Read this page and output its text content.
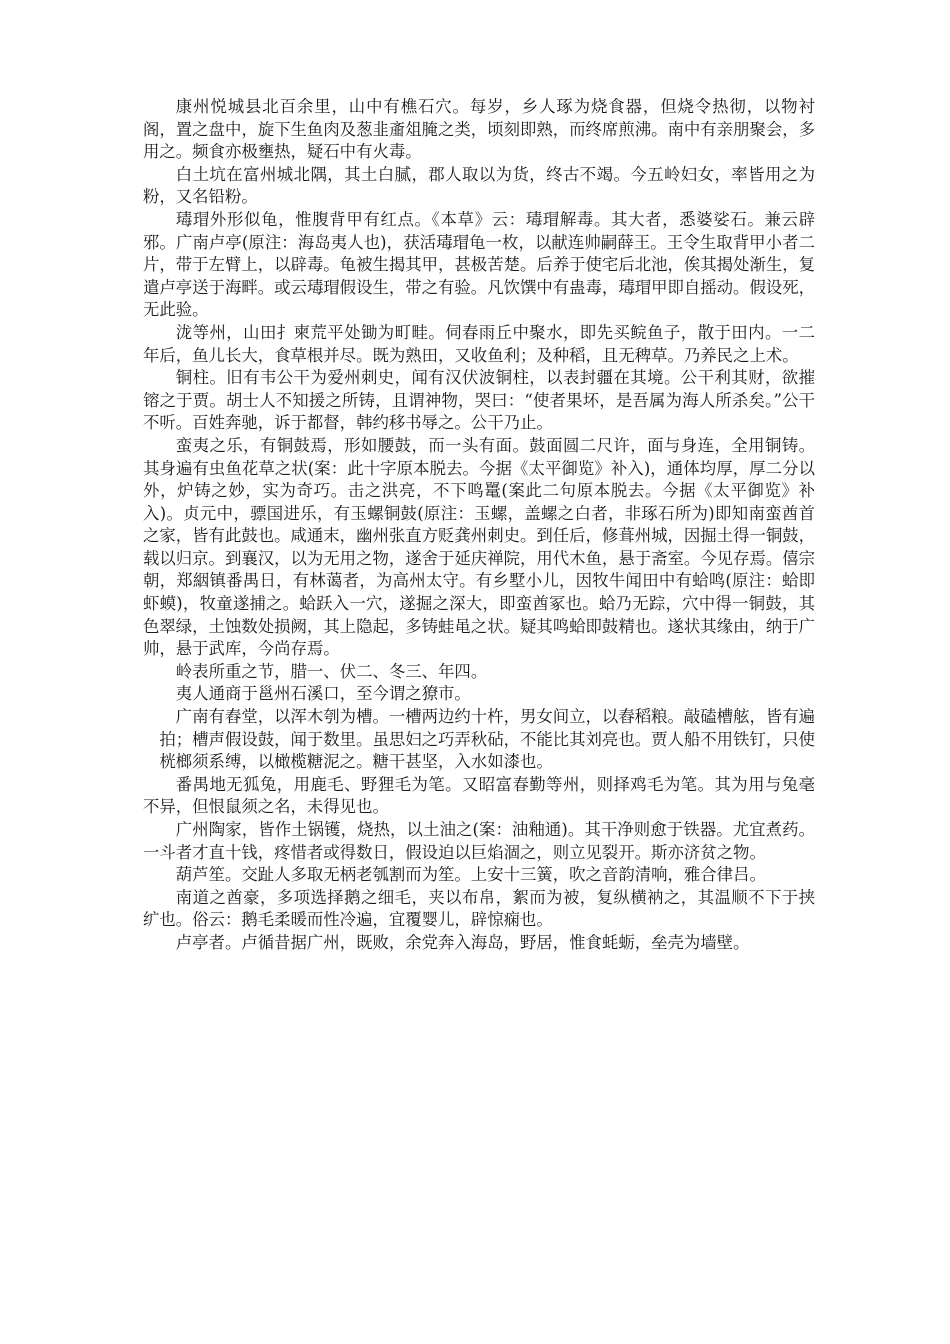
康州悦城县北百余里，山中有樵石穴。每岁，乡人琢为烧食器，但烧令热彻，以物衬阁，置之盘中，旋下生鱼肉及葱韭齑俎腌之类，顷刻即熟，而终席煎沸。南中有亲朋聚会，多用之。频食亦极壅热，疑石中有火毒。

白土坑在富州城北隅，其土白腻，郡人取以为货，终古不竭。今五岭妇女，率皆用之为粉，又名铅粉。

瑇瑁外形似龟，惟腹背甲有红点。《本草》云：瑇瑁解毒。其大者，悉婆娑石。兼云辟邪。广南卢亭(原注：海岛夷人也)，获活瑇瑁龟一枚，以献连帅嗣薛王。王令生取背甲小者二片，带于左臂上，以辟毒。龟被生揭其甲，甚极苦楚。后养于使宅后北池，俟其揭处渐生，复遣卢亭送于海畔。或云瑇瑁假设生，带之有验。凡饮馔中有蛊毒，瑇瑁甲即自摇动。假设死，无此验。

泷等州，山田扌柬荒平处锄为町畦。伺春雨丘中聚水，即先买鲩鱼子，散于田内。一二年后，鱼儿长大，食草根并尽。既为熟田，又收鱼利；及种稻，且无稗草。乃养民之上术。

铜柱。旧有韦公干为爱州刺史，闻有汉伏波铜柱，以表封疆在其境。公干利其财，欲摧镕之于贾。胡士人不知援之所铸，且谓神物，哭曰：“使者果坏，是吾属为海人所杀矣。”公干不听。百姓奔驰，诉于都督，韩约移书辱之。公干乃止。

蛮夷之乐，有铜鼓焉，形如腰鼓，而一头有面。鼓面圆二尺许，面与身连，全用铜铸。其身遍有虫鱼花草之状(案：此十字原本脱去。今据《太平御览》补入)，通体均厚，厚二分以外，炉铸之妙，实为奇巧。击之洪亮，不下鸣鼍(案此二句原本脱去。今据《太平御览》补入)。贞元中，骠国进乐，有玉螺铜鼓(原注：玉螺，盖螺之白者，非琢石所为)即知南蛮酋首之家，皆有此鼓也。咸通末，幽州张直方贬龚州刺史。到任后，修葺州城，因掘土得一铜鼓，载以归京。到襄汉，以为无用之物，遂舍于延庆禅院，用代木鱼，悬于斋室。今见存焉。僖宗朝，郑絪镇番禺日，有林蔼者，为高州太守。有乡墅小儿，因牧牛闻田中有蛤鸣(原注：蛤即虾蟆)，牧童遂捕之。蛤跃入一穴，遂掘之深大，即蛮酋冢也。蛤乃无踪，穴中得一铜鼓，其色翠绿，土蚀数处损阙，其上隐起，多铸蛙黾之状。疑其鸣蛤即鼓精也。遂状其缘由，纳于广帅，悬于武库，今尚存焉。

岭表所重之节，腊一、伏二、冬三、年四。

夷人通商于邕州石溪口，至今谓之獠市。

广南有舂堂，以浑木刳为槽。一槽两边约十杵，男女间立，以舂稻粮。敲磕槽舷，皆有遍拍；槽声假设鼓，闻于数里。虽思妇之巧弄秋砧，不能比其刘亮也。贾人船不用铁钉，只使桄榔须系缚，以橄榄糖泥之。糖干甚坚，入水如漆也。

番禺地无狐兔，用鹿毛、野狸毛为笔。又昭富春勤等州，则择鸡毛为笔。其为用与兔毫不异，但恨鼠须之名，未得见也。

广州陶家，皆作土锅镬，烧热，以土油之(案：油釉通)。其干净则愈于铁器。尤宜煮药。一斗者才直十钱，疼惜者或得数日，假设迫以巨焰涸之，则立见裂开。斯亦济贫之物。

葫芦笙。交趾人多取无柄老瓠割而为笙。上安十三簧，吹之音韵清响，雅合律吕。

南道之酋豪，多项选择鹅之细毛，夹以布帛，絮而为被，复纵横衲之，其温顺不下于挟纩也。俗云：鹅毛柔暖而性冷遍，宜覆婴儿，辟惊痫也。

卢亭者。卢循昔据广州，既败，余党奔入海岛，野居，惟食蚝蛎，垒壳为墙壁。
